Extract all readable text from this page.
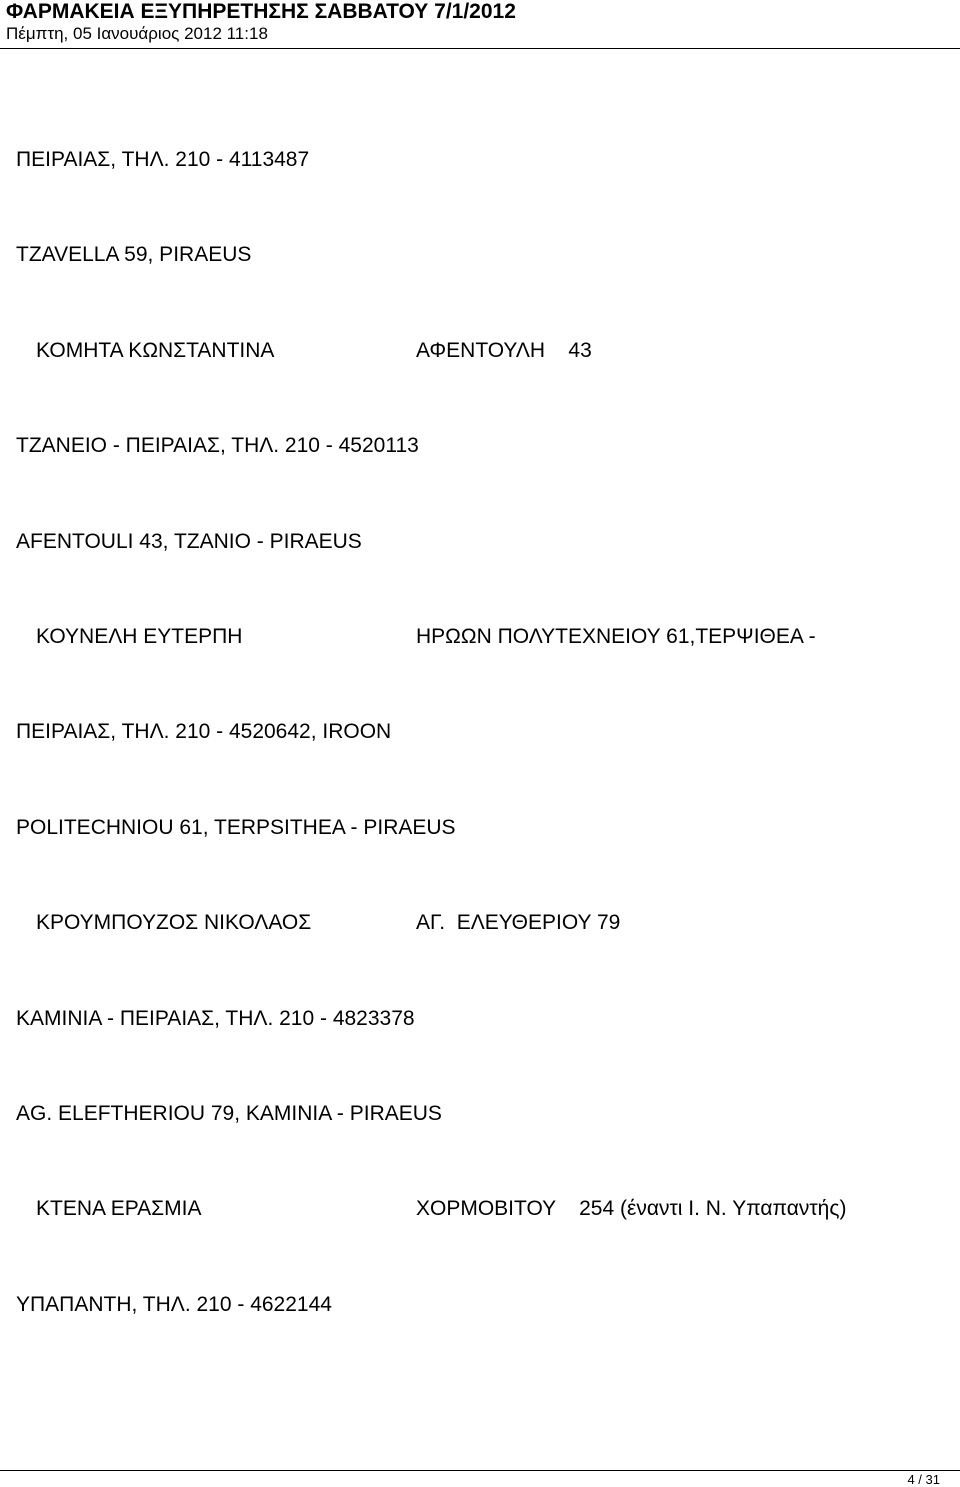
ΦΑΡΜΑΚΕΙΑ ΕΞΥΠΗΡΕΤΗΣΗΣ ΣΑΒΒΑΤΟΥ 7/1/2012
Πέμπτη, 05 Ιανουάριος 2012 11:18
ΠΕΙΡΑΙΑΣ, ΤΗΛ. 210 - 4113487
TZAVELLA 59, PIRAEUS
ΚΟΜΗΤΑ ΚΩΝΣΤΑΝΤΙΝΑ	ΑΦΕΝΤΟΥΛΗ    43
ΤΖΑΝΕΙΟ - ΠΕΙΡΑΙΑΣ, ΤΗΛ. 210 - 4520113
AFENTOULI 43, TZANIO - PIRAEUS
ΚΟΥΝΕΛΗ ΕΥΤΕΡΠΗ	ΗΡΩΩΝ ΠΟΛΥΤΕΧΝΕΙΟΥ 61,ΤΕΡΨΙΘΕΑ -
ΠΕΙΡΑΙΑΣ, ΤΗΛ. 210 - 4520642, IROON
POLITECHNIOU 61, TERPSITHEA - PIRAEUS
ΚΡΟΥΜΠΟΥΖΟΣ ΝΙΚΟΛΑΟΣ	ΑΓ.  ΕΛΕΥΘΕΡΙΟΥ 79
ΚΑΜΙΝΙΑ - ΠΕΙΡΑΙΑΣ, ΤΗΛ. 210 - 4823378
AG. ELEFTHERIOU 79, KAMINIA - PIRAEUS
ΚΤΕΝΑ ΕΡΑΣΜΙΑ	ΧΟΡΜΟΒΙΤΟΥ    254 (έναντι Ι. Ν. Υπαπαντής)
ΥΠΑΠΑΝΤΗ, ΤΗΛ. 210 - 4622144
4 / 31
